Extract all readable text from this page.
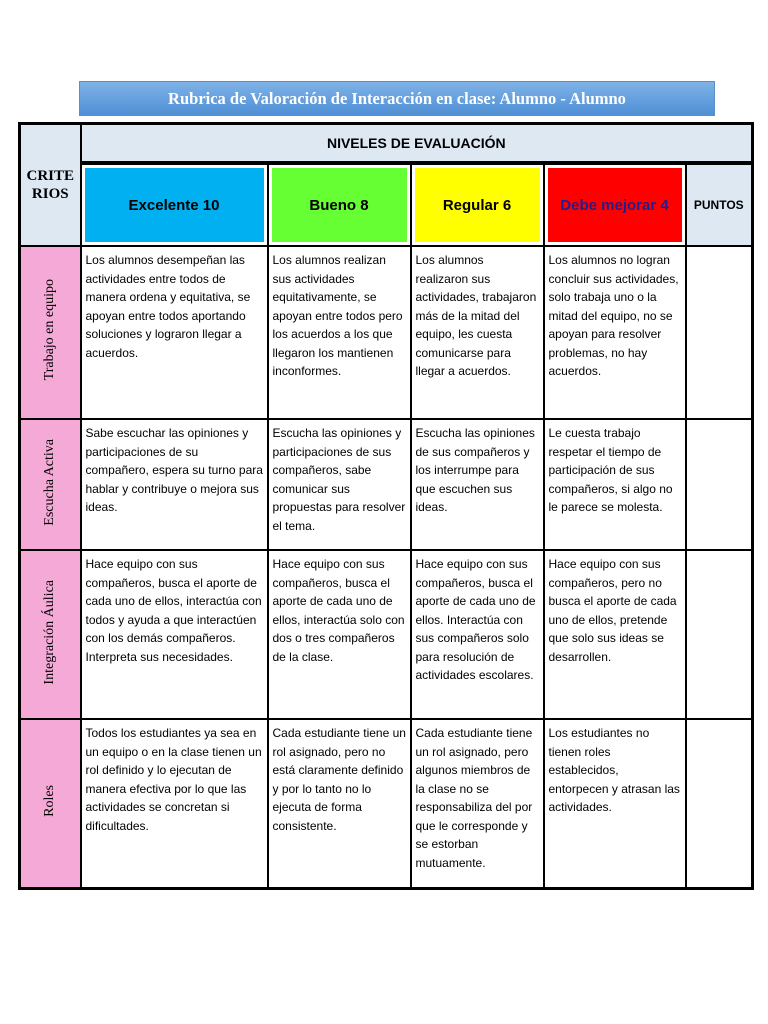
Rubrica de Valoración de Interacción en clase: Alumno - Alumno
CRITE RIOS	NIVELES DE EVALUACIÓN				

Excelente 10	Bueno 8	Regular 6	Debe mejorar 4	PUNTOS
Trabajo en equipo	Los alumnos desempeñan las actividades entre todos de manera ordena y equitativa, se apoyan entre todos aportando soluciones y lograron llegar a acuerdos.	Los alumnos realizan sus actividades equitativamente, se apoyan entre todos pero los acuerdos a los que llegaron los mantienen inconformes.	Los alumnos realizaron sus actividades, trabajaron más de la mitad del equipo, les cuesta comunicarse para llegar a acuerdos.	Los alumnos no logran concluir sus actividades, solo trabaja uno o la mitad del equipo, no se apoyan para resolver problemas, no hay acuerdos.	
Escucha Activa	Sabe escuchar las opiniones y participaciones de su compañero, espera su turno para hablar y contribuye o mejora sus ideas.	Escucha las opiniones y participaciones de sus compañeros, sabe comunicar sus propuestas para resolver el tema.	Escucha las opiniones de sus compañeros y los interrumpe para que escuchen sus ideas.	Le cuesta trabajo respetar el tiempo de participación de sus compañeros, si algo no le parece se molesta.	
Integración Áulica	Hace equipo con sus compañeros, busca el aporte de cada uno de ellos, interactúa con todos y ayuda a que interactúen con los demás compañeros. Interpreta sus necesidades.	Hace equipo con sus compañeros, busca el aporte de cada uno de ellos, interactúa solo con dos o tres compañeros de la clase.	Hace equipo con sus compañeros, busca el aporte de cada uno de ellos. Interactúa con sus compañeros solo para resolución de actividades escolares.	Hace equipo con sus compañeros, pero no busca el aporte de cada uno de ellos, pretende que solo sus ideas se desarrollen.	
Roles	Todos los estudiantes ya sea en un equipo o en la clase tienen un rol definido y lo ejecutan de manera efectiva por lo que las actividades se concretan si dificultades.	Cada estudiante tiene un rol asignado, pero no está claramente definido y por lo tanto no lo ejecuta de forma consistente.	Cada estudiante tiene un rol asignado, pero algunos miembros de la clase no se responsabiliza del por que le corresponde y se estorban mutuamente.	Los estudiantes no tienen roles establecidos, entorpecen y atrasan las actividades.	
